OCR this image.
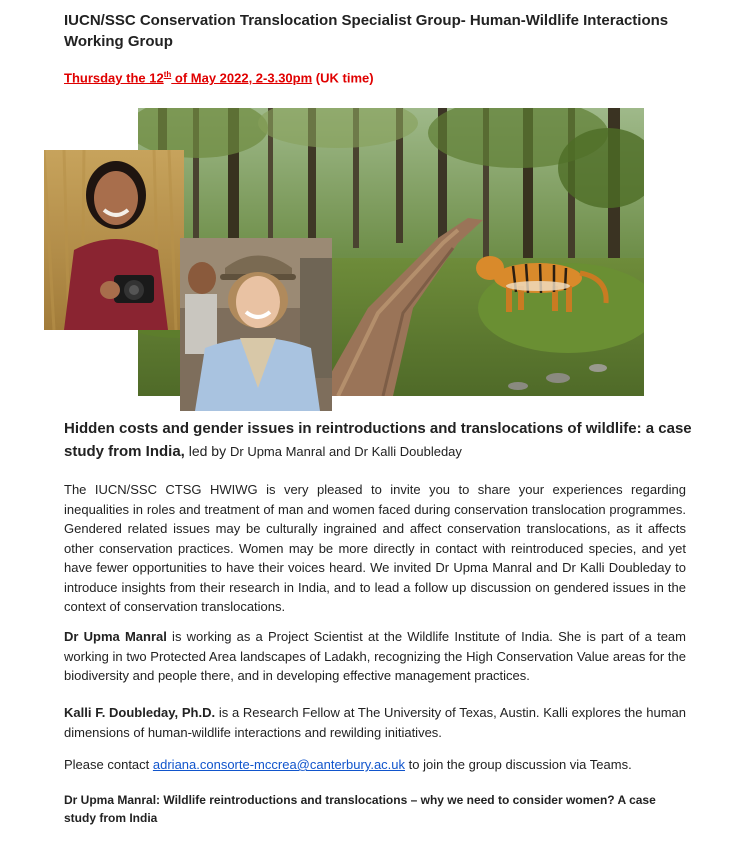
IUCN/SSC Conservation Translocation Specialist Group- Human-Wildlife Interactions Working Group
Thursday the 12th of May 2022, 2-3.30pm (UK time)
Hidden costs and gender issues in reintroductions and translocations of wildlife: a case study from India, led by Dr Upma Manral and Dr Kalli Doubleday
The IUCN/SSC CTSG HWIWG is very pleased to invite you to share your experiences regarding inequalities in roles and treatment of man and women faced during conservation translocation programmes. Gendered related issues may be culturally ingrained and affect conservation translocations, as it affects other conservation practices. Women may be more directly in contact with reintroduced species, and yet have fewer opportunities to have their voices heard. We invited Dr Upma Manral and Dr Kalli Doubleday to introduce insights from their research in India, and to lead a follow up discussion on gendered issues in the context of conservation translocations.
Dr Upma Manral is working as a Project Scientist at the Wildlife Institute of India. She is part of a team working in two Protected Area landscapes of Ladakh, recognizing the High Conservation Value areas for the biodiversity and people there, and in developing effective management practices.
Kalli F. Doubleday, Ph.D. is a Research Fellow at The University of Texas, Austin. Kalli explores the human dimensions of human-wildlife interactions and rewilding initiatives.
Please contact adriana.consorte-mccrea@canterbury.ac.uk to join the group discussion via Teams.
Dr Upma Manral: Wildlife reintroductions and translocations – why we need to consider women? A case study from India
